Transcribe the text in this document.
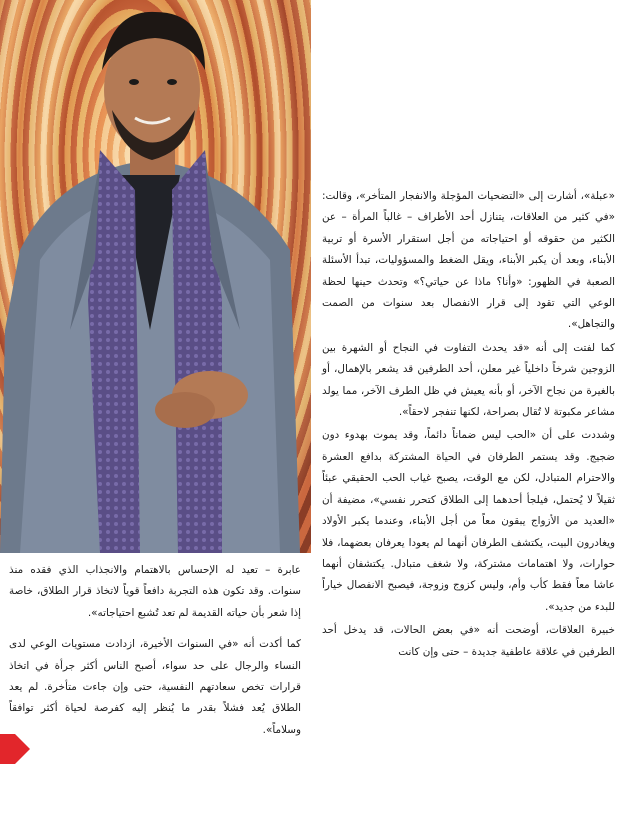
«عبلة»، أشارت إلى «التضحيات المؤجلة والانفجار المتأخر»، وقالت: «في كثير من العلاقات، يتنازل أحد الأطراف – غالباً المرأة – عن الكثير من حقوقه أو احتياجاته من أجل استقرار الأسرة أو تربية الأبناء، وبعد أن يكبر الأبناء، ويقل الضغط والمسؤوليات، تبدأ الأسئلة الصعبة في الظهور: «وأنا؟ ماذا عن حياتي؟» وتحدث حينها لحظة الوعي التي تقود إلى قرار الانفصال بعد سنوات من الصمت والتجاهل».

كما لفتت إلى أنه «قد يحدث التفاوت في النجاح أو الشهرة بين الزوجين شرخاً داخلياً غير معلن، أحد الطرفين قد يشعر بالإهمال، أو بالغيرة من نجاح الآخر، أو بأنه يعيش في ظل الطرف الآخر، مما يولد مشاعر مكبوتة لا تُقال بصراحة، لكنها تنفجر لاحقاً».

وشددت على أن «الحب ليس ضماناً دائماً، وقد يموت بهدوء دون ضجيج. وقد يستمر الطرفان في الحياة المشتركة بدافع العشرة والاحترام المتبادل، لكن مع الوقت، يصبح غياب الحب الحقيقي عبئاً ثقيلاً لا يُحتمل، فيلجأ أحدهما إلى الطلاق كتحرر نفسي»، مضيفة أن «العديد من الأزواج يبقون معاً من أجل الأبناء، وعندما يكبر الأولاد ويغادرون البيت، يكتشف الطرفان أنهما لم يعودا يعرفان بعضهما، فلا حوارات، ولا اهتمامات مشتركة، ولا شغف متبادل. يكتشفان أنهما عاشا معاً فقط كأب وأم، وليس كزوج وزوجة، فيصبح الانفصال خياراً للبدء من جديد».

خبيرة العلاقات، أوضحت أنه «في بعض الحالات، قد يدخل أحد الطرفين في علاقة عاطفية جديدة – حتى وإن كانت

عابرة – تعيد له الإحساس بالاهتمام والانجذاب الذي فقده منذ سنوات. وقد تكون هذه التجربة دافعاً قوياً لاتخاذ قرار الطلاق، خاصة إذا شعر بأن حياته القديمة لم تعد تُشبع احتياجاته».

كما أكدت أنه «في السنوات الأخيرة، ازدادت مستويات الوعي لدى النساء والرجال على حد سواء، أصبح الناس أكثر جرأة في اتخاذ قرارات تخص سعادتهم النفسية، حتى وإن جاءت متأخرة. لم يعد الطلاق يُعد فشلاً بقدر ما يُنظر إليه كفرصة لحياة أكثر توافقاً وسلاماً».
